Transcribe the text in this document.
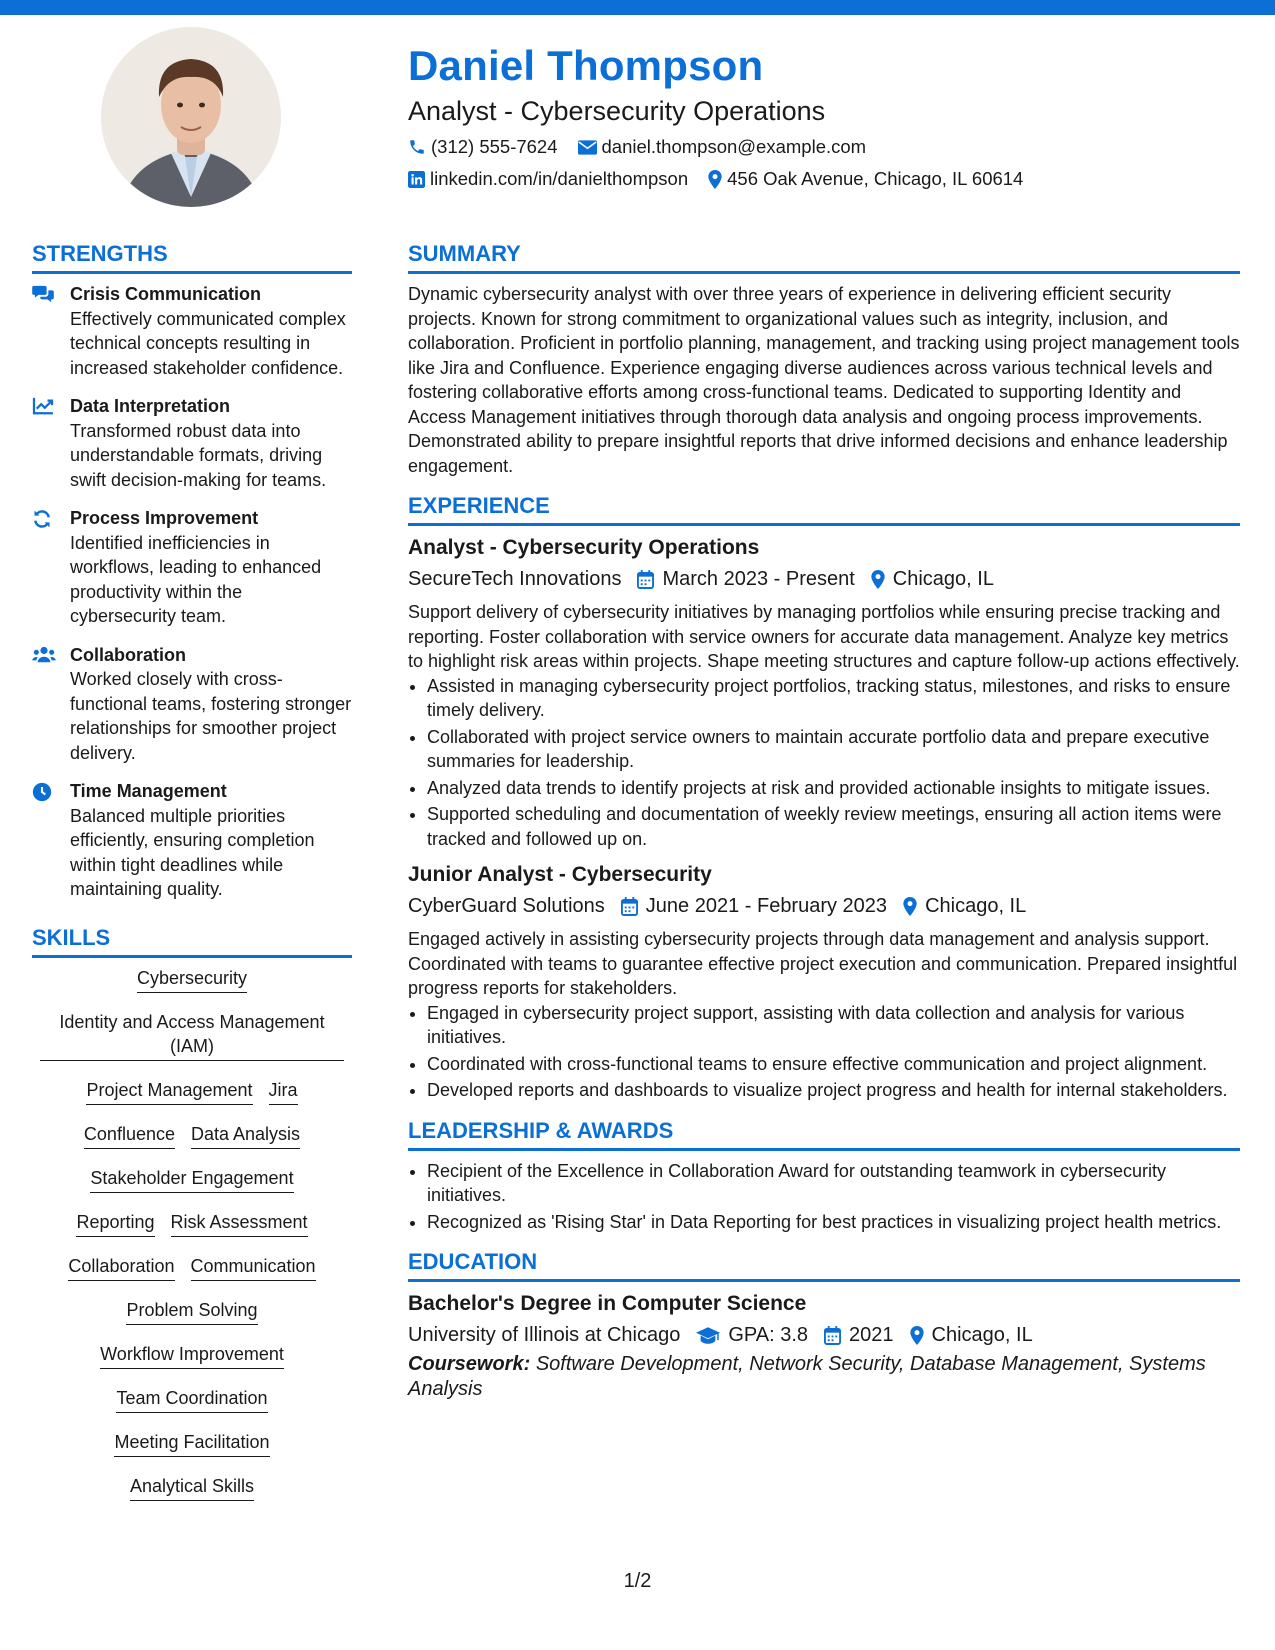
Daniel Thompson
Analyst - Cybersecurity Operations
(312) 555-7624 daniel.thompson@example.com
linkedin.com/in/danielthompson 456 Oak Avenue, Chicago, IL 60614
STRENGTHS
Crisis Communication
Effectively communicated complex technical concepts resulting in increased stakeholder confidence.
Data Interpretation
Transformed robust data into understandable formats, driving swift decision-making for teams.
Process Improvement
Identified inefficiencies in workflows, leading to enhanced productivity within the cybersecurity team.
Collaboration
Worked closely with cross-functional teams, fostering stronger relationships for smoother project delivery.
Time Management
Balanced multiple priorities efficiently, ensuring completion within tight deadlines while maintaining quality.
SKILLS
Cybersecurity
Identity and Access Management (IAM)
Project Management Jira
Confluence Data Analysis
Stakeholder Engagement
Reporting Risk Assessment
Collaboration Communication
Problem Solving
Workflow Improvement
Team Coordination
Meeting Facilitation
Analytical Skills
SUMMARY
Dynamic cybersecurity analyst with over three years of experience in delivering efficient security projects. Known for strong commitment to organizational values such as integrity, inclusion, and collaboration. Proficient in portfolio planning, management, and tracking using project management tools like Jira and Confluence. Experience engaging diverse audiences across various technical levels and fostering collaborative efforts among cross-functional teams. Dedicated to supporting Identity and Access Management initiatives through thorough data analysis and ongoing process improvements. Demonstrated ability to prepare insightful reports that drive informed decisions and enhance leadership engagement.
EXPERIENCE
Analyst - Cybersecurity Operations
SecureTech Innovations March 2023 - Present Chicago, IL
Support delivery of cybersecurity initiatives by managing portfolios while ensuring precise tracking and reporting. Foster collaboration with service owners for accurate data management. Analyze key metrics to highlight risk areas within projects. Shape meeting structures and capture follow-up actions effectively.
• Assisted in managing cybersecurity project portfolios, tracking status, milestones, and risks to ensure timely delivery.
• Collaborated with project service owners to maintain accurate portfolio data and prepare executive summaries for leadership.
• Analyzed data trends to identify projects at risk and provided actionable insights to mitigate issues.
• Supported scheduling and documentation of weekly review meetings, ensuring all action items were tracked and followed up on.
Junior Analyst - Cybersecurity
CyberGuard Solutions June 2021 - February 2023 Chicago, IL
Engaged actively in assisting cybersecurity projects through data management and analysis support. Coordinated with teams to guarantee effective project execution and communication. Prepared insightful progress reports for stakeholders.
• Engaged in cybersecurity project support, assisting with data collection and analysis for various initiatives.
• Coordinated with cross-functional teams to ensure effective communication and project alignment.
• Developed reports and dashboards to visualize project progress and health for internal stakeholders.
LEADERSHIP & AWARDS
• Recipient of the Excellence in Collaboration Award for outstanding teamwork in cybersecurity initiatives.
• Recognized as 'Rising Star' in Data Reporting for best practices in visualizing project health metrics.
EDUCATION
Bachelor's Degree in Computer Science
University of Illinois at Chicago GPA: 3.8 2021 Chicago, IL
Coursework: Software Development, Network Security, Database Management, Systems Analysis
1/2
